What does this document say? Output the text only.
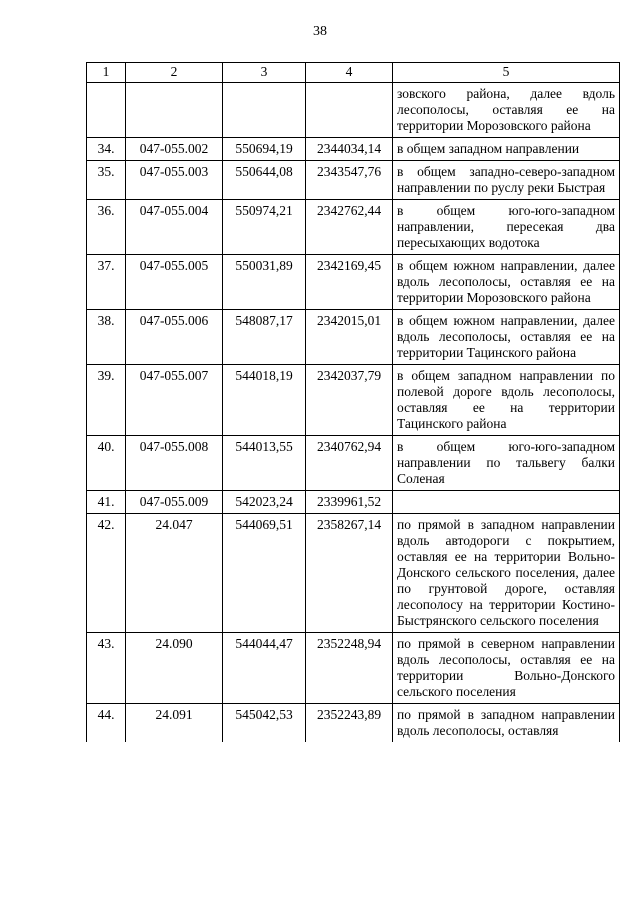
38
1	2	3	4	5
				зовского района, далее вдоль лесополосы, оставляя ее на территории Морозовского района
34.	047-055.002	550694,19	2344034,14	в общем западном направлении
35.	047-055.003	550644,08	2343547,76	в общем западно-северо-западном направлении по руслу реки Быстрая
36.	047-055.004	550974,21	2342762,44	в общем юго-юго-западном направлении, пересекая два пересыхающих водотока
37.	047-055.005	550031,89	2342169,45	в общем южном направлении, далее вдоль лесополосы, оставляя ее на территории Морозовского района
38.	047-055.006	548087,17	2342015,01	в общем южном направлении, далее вдоль лесополосы, оставляя ее на территории Тацинского района
39.	047-055.007	544018,19	2342037,79	в общем западном направлении по полевой дороге вдоль лесополосы, оставляя ее на территории Тацинского района
40.	047-055.008	544013,55	2340762,94	в общем юго-юго-западном направлении по тальвегу балки Соленая
41.	047-055.009	542023,24	2339961,52	
42.	24.047	544069,51	2358267,14	по прямой в западном направлении вдоль автодороги с покрытием, оставляя ее на территории Вольно-Донского сельского поселения, далее по грунтовой дороге, оставляя лесополосу на территории Костино-Быстрянского сельского поселения
43.	24.090	544044,47	2352248,94	по прямой в северном направлении вдоль лесополосы, оставляя ее на территории Вольно-Донского сельского поселения
44.	24.091	545042,53	2352243,89	по прямой в западном направлении вдоль лесополосы, оставляя
